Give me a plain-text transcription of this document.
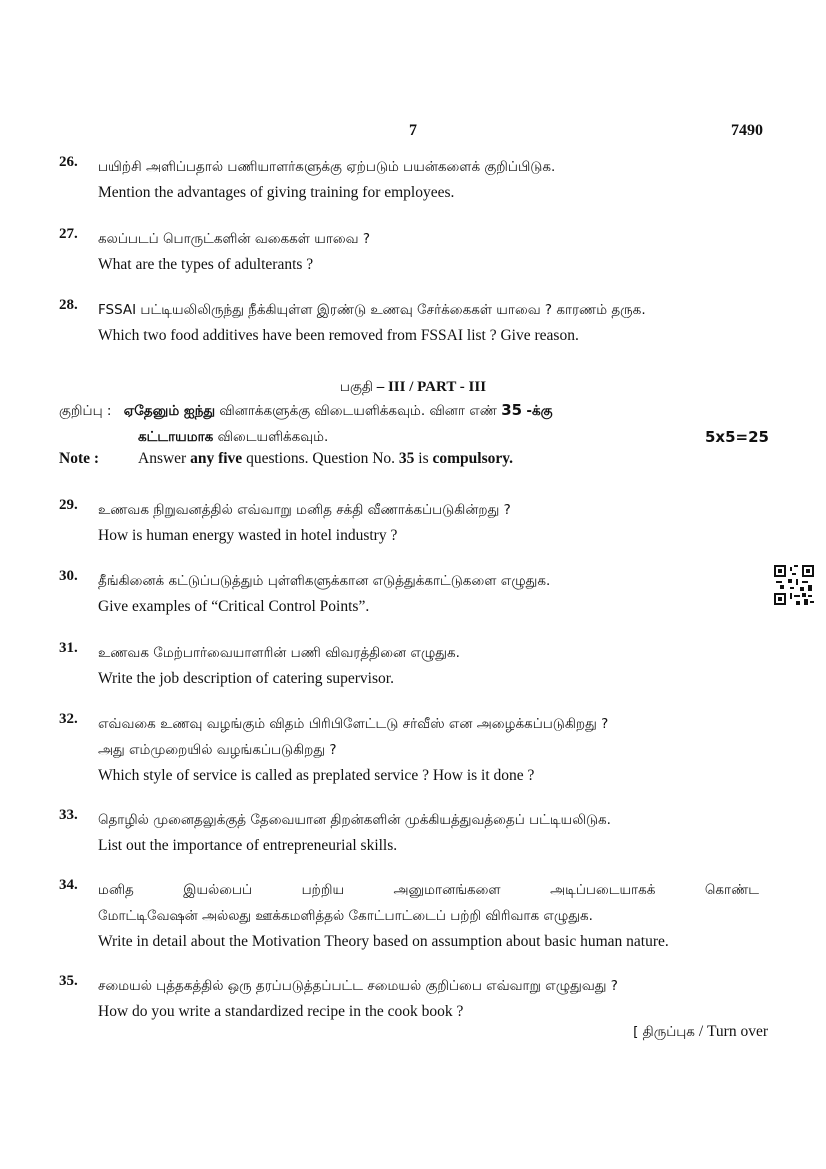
7	7490
26. பயிற்சி அளிப்பதால் பணியாளர்களுக்கு ஏற்படும் பயன்களைக் குறிப்பிடுக.
Mention the advantages of giving training for employees.
27. கலப்படப் பொருட்களின் வகைகள் யாவை ?
What are the types of adulterants ?
28. FSSAI பட்டியலிலிருந்து நீக்கியுள்ள இரண்டு உணவு சேர்க்கைகள் யாவை ? காரணம் தருக.
Which two food additives have been removed from FSSAI list ? Give reason.
பகுதி – III / PART - III
குறிப்பு : ஏதேனும் ஐந்து வினாக்களுக்கு விடையளிக்கவும். வினா எண் 35 -க்கு
கட்டாயமாக விடையளிக்கவும்.	5x5=25
Note :	Answer any five questions. Question No. 35 is compulsory.
29. உணவக நிறுவனத்தில் எவ்வாறு மனித சக்தி வீணாக்கப்படுகின்றது ?
How is human energy wasted in hotel industry ?
30. தீங்கினைக் கட்டுப்படுத்தும் புள்ளிகளுக்கான எடுத்துக்காட்டுகளை எழுதுக.
Give examples of “Critical Control Points”.
31. உணவக மேற்பார்வையாளரின் பணி விவரத்தினை எழுதுக.
Write the job description of catering supervisor.
32. எவ்வகை உணவு வழங்கும் விதம் பிரிபிளேட்டடு சர்வீஸ் என அழைக்கப்படுகிறது ?
அது எம்முறையில் வழங்கப்படுகிறது ?
Which style of service is called as preplated service ? How is it done ?
33. தொழில் முனைதலுக்குத் தேவையான திறன்களின் முக்கியத்துவத்தைப் பட்டியலிடுக.
List out the importance of entrepreneurial skills.
34. மனித இயல்பைப் பற்றிய அனுமானங்களை அடிப்படையாகக் கொண்ட
மோட்டிவேஷன் அல்லது ஊக்கமளித்தல் கோட்பாட்டைப் பற்றி விரிவாக எழுதுக.
Write in detail about the Motivation Theory based on assumption about basic human nature.
35. சமையல் புத்தகத்தில் ஒரு தரப்படுத்தப்பட்ட சமையல் குறிப்பை எவ்வாறு எழுதுவது ?
How do you write a standardized recipe in the cook book ?
[ திருப்புக / Turn over
